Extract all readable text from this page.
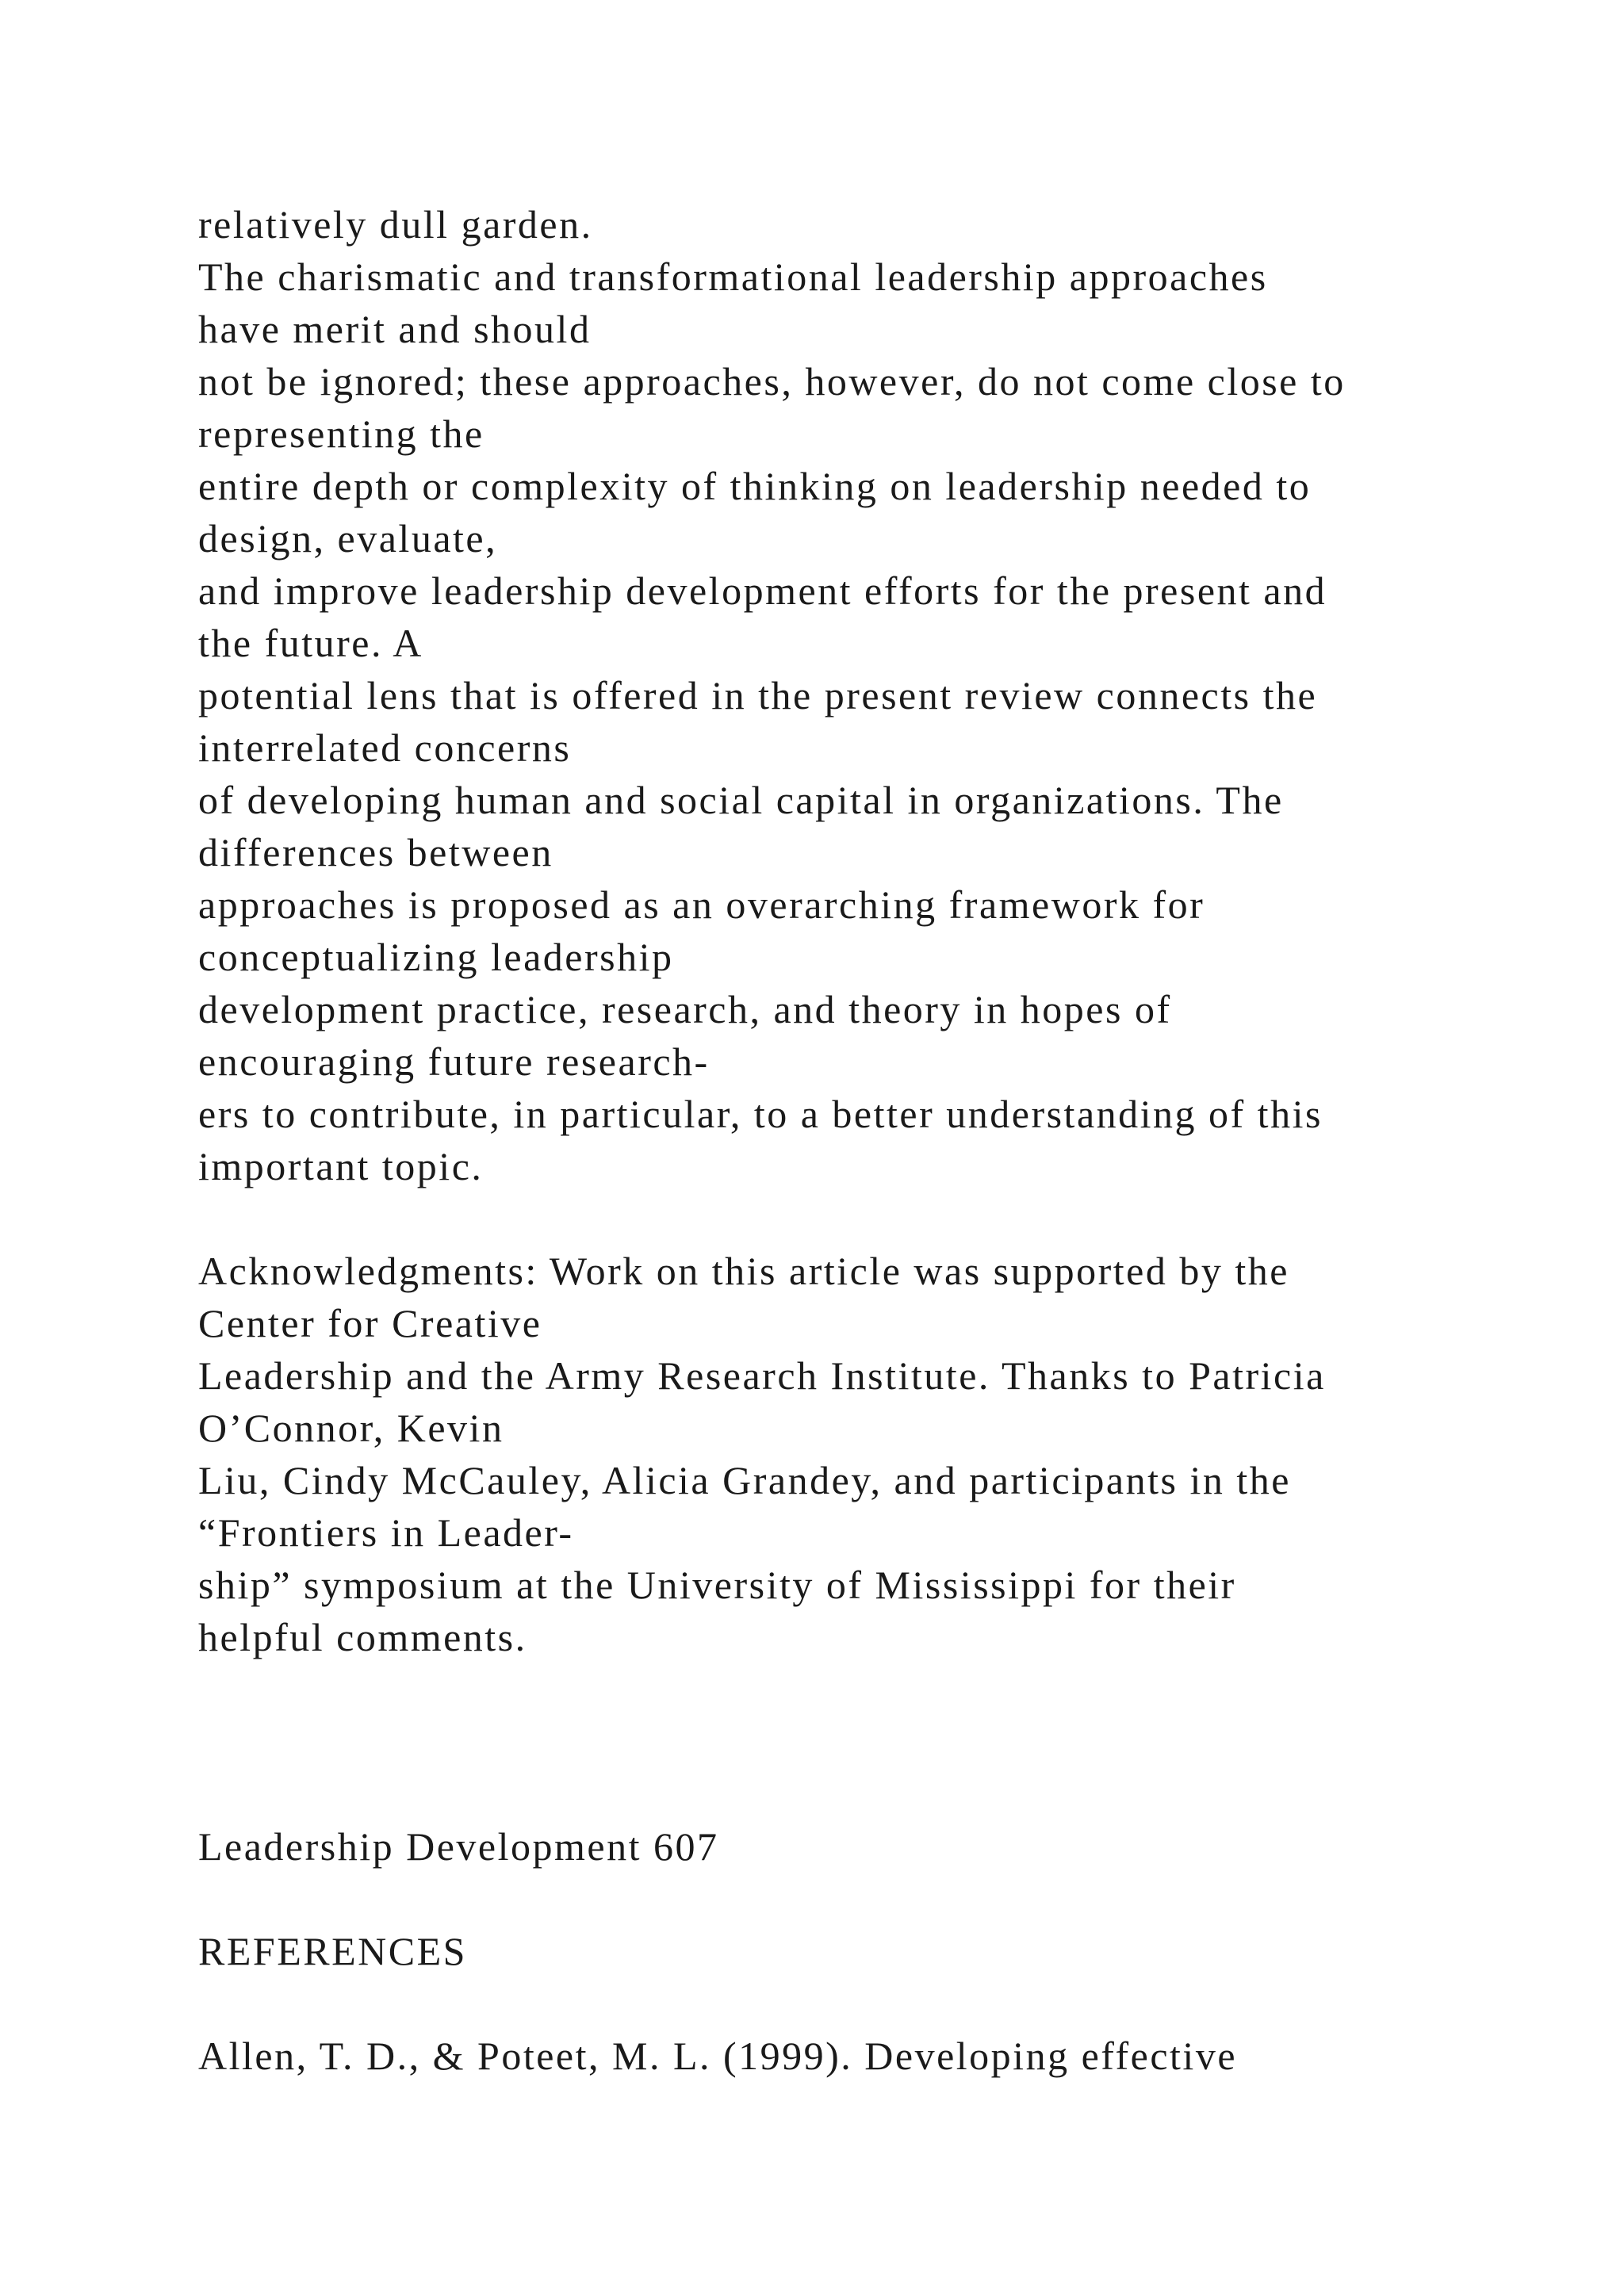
relatively dull garden.
The charismatic and transformational leadership approaches
have merit and should
not be ignored; these approaches, however, do not come close to
representing the
entire depth or complexity of thinking on leadership needed to
design, evaluate,
and improve leadership development efforts for the present and
the future. A
potential lens that is offered in the present review connects the
interrelated concerns
of developing human and social capital in organizations. The
differences between
approaches is proposed as an overarching framework for
conceptualizing leadership
development practice, research, and theory in hopes of
encouraging future research-
ers to contribute, in particular, to a better understanding of this
important topic.
Acknowledgments: Work on this article was supported by the
Center for Creative
Leadership and the Army Research Institute. Thanks to Patricia
O’Connor, Kevin
Liu, Cindy McCauley, Alicia Grandey, and participants in the
“Frontiers in Leader-
ship” symposium at the University of Mississippi for their
helpful comments.
Leadership Development 607
REFERENCES
Allen, T. D., & Poteet, M. L. (1999). Developing effective
